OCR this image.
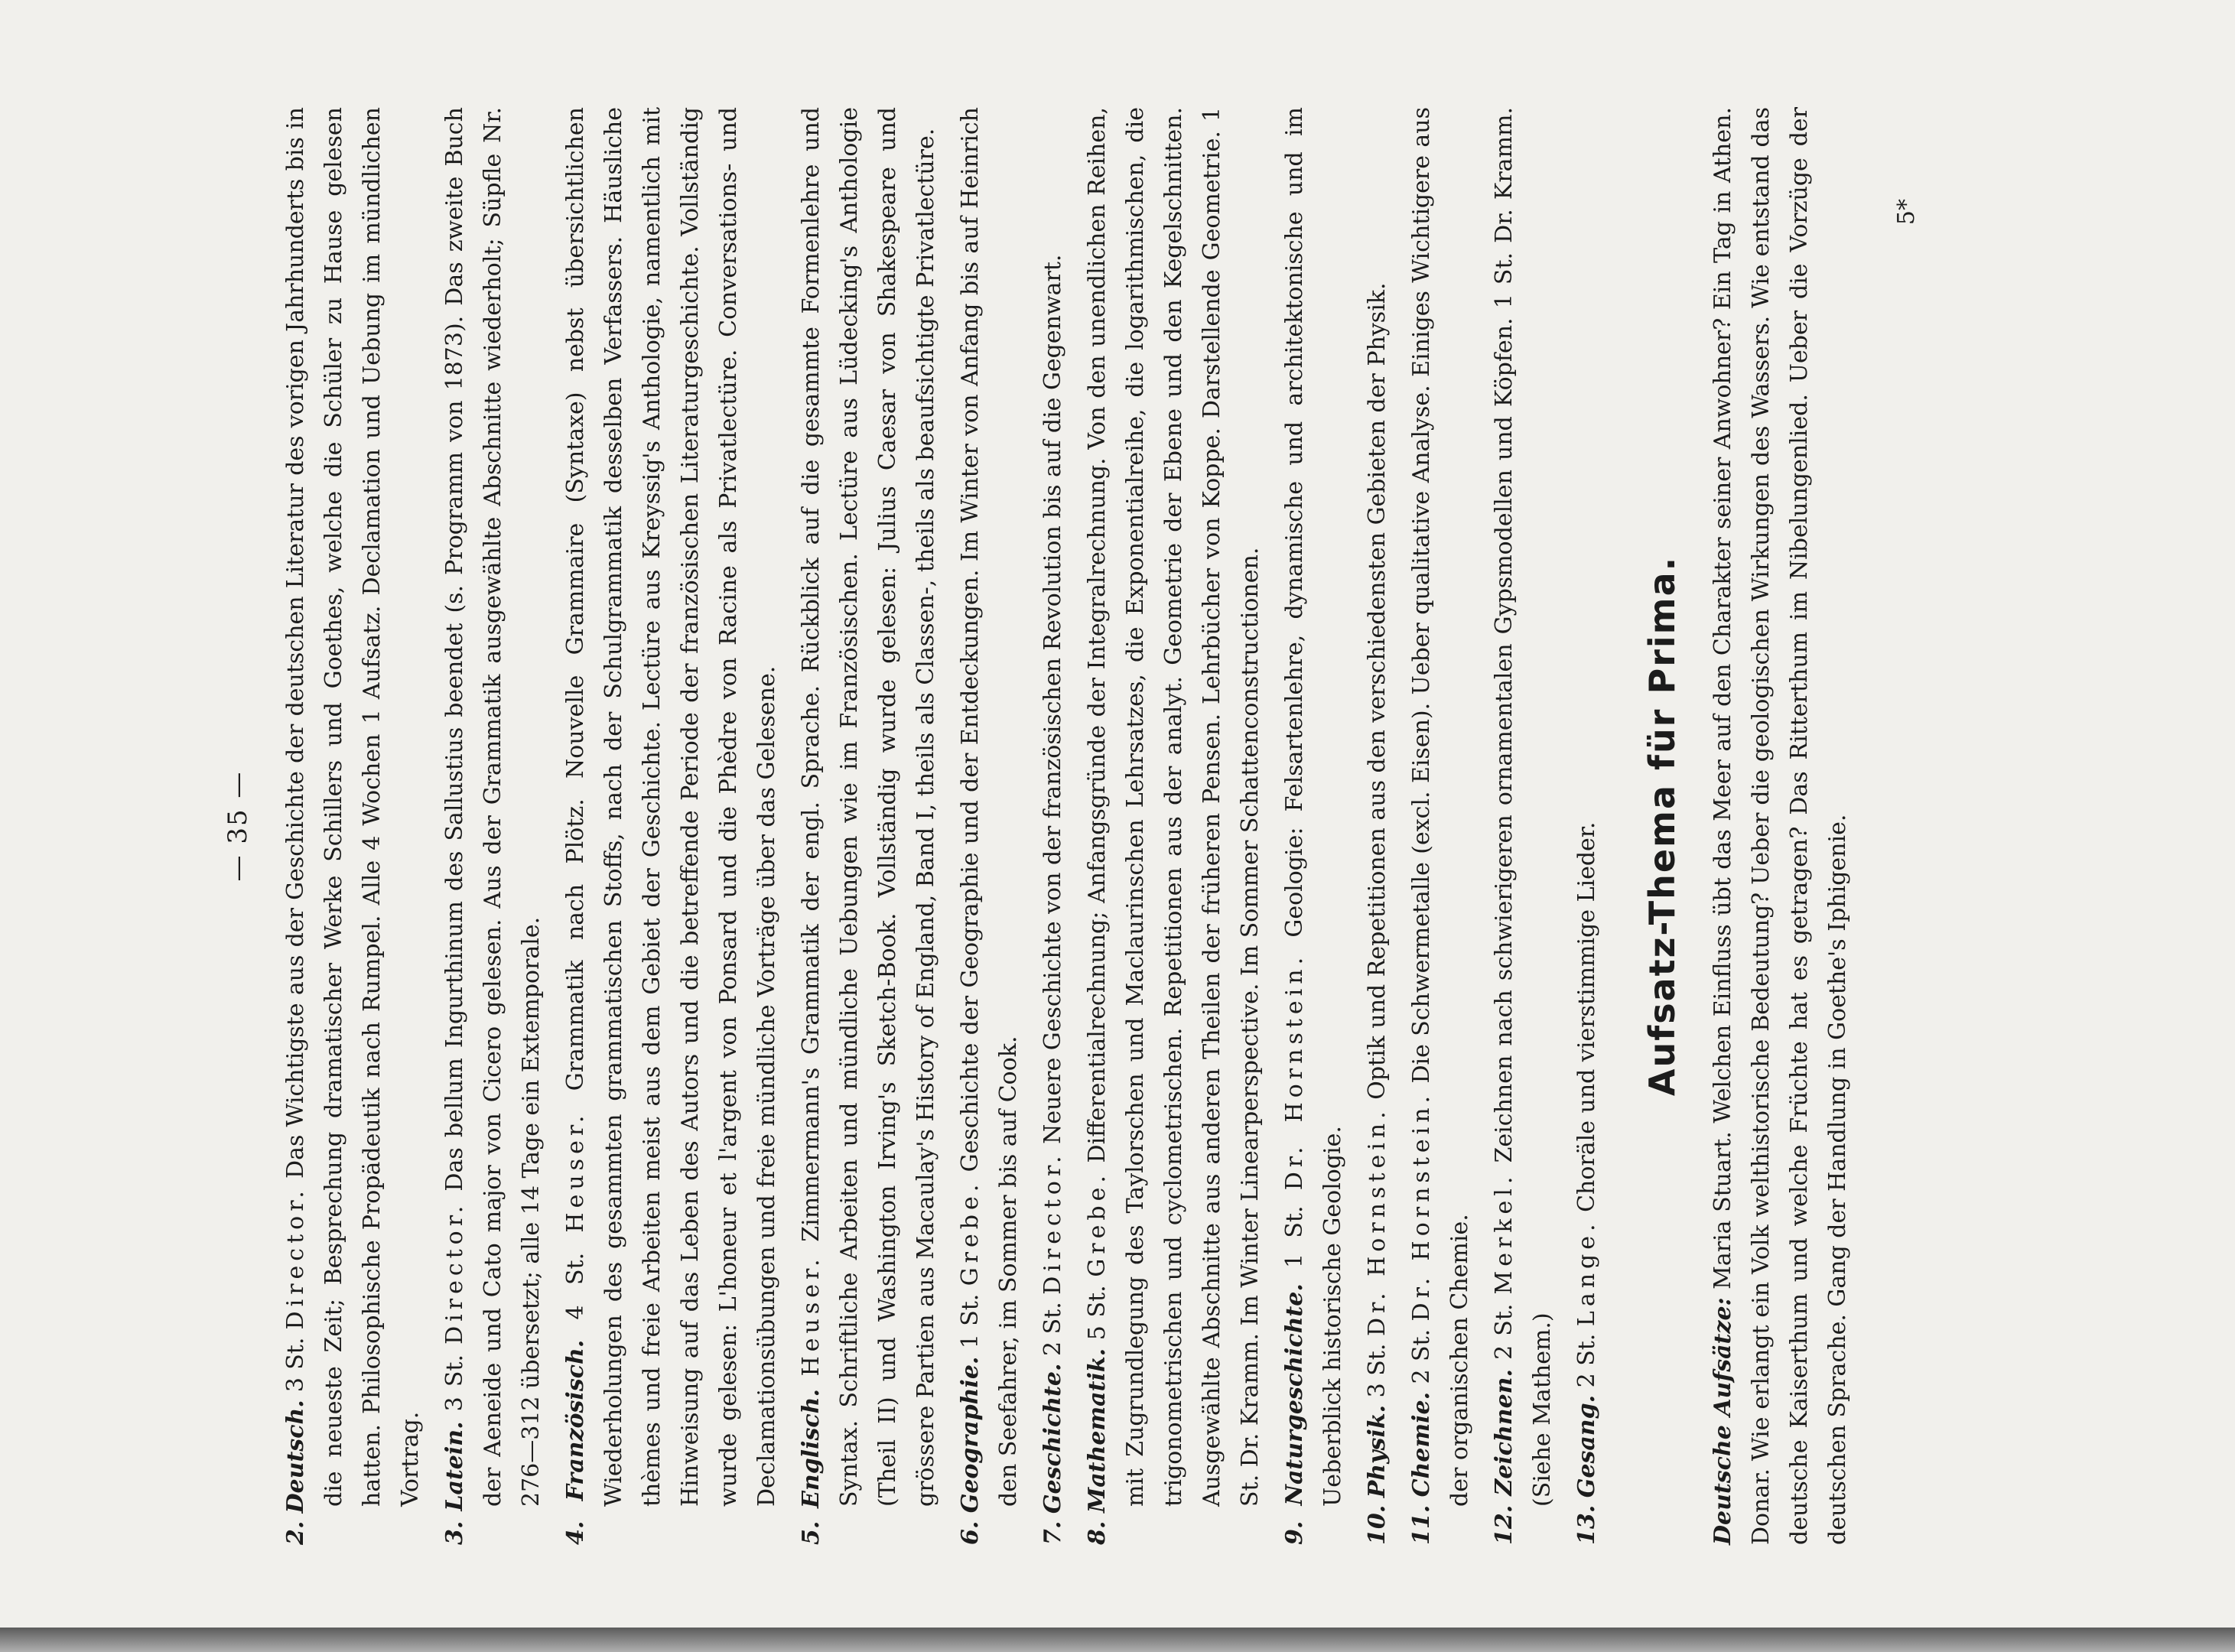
— 35 —

2. Deutsch. 3 St. Director. Das Wichtigste aus der Geschichte der deutschen Literatur des vorigen Jahrhunderts bis in die neueste Zeit; Besprechung dramatischer Werke Schillers und Goethes, welche die Schüler zu Hause gelesen hatten. Philosophische Propädeutik nach Rumpel. Alle 4 Wochen 1 Aufsatz. Declamation und Uebung im mündlichen Vortrag.

3. Latein. 3 St. Director. Das bellum Ingurthinum des Sallustius beendet (s. Programm von 1873). Das zweite Buch der Aeneide und Cato major von Cicero gelesen. Aus der Grammatik ausgewählte Abschnitte wiederholt; Süpfle Nr. 276—312 übersetzt; alle 14 Tage ein Extemporale.

4. Französisch. 4 St. Heuser. Grammatik nach Plötz. Nouvelle Grammaire (Syntaxe) nebst übersichtlichen Wiederholungen des gesammten grammatischen Stoffs, nach der Schulgrammatik desselben Verfassers. Häusliche thèmes und freie Arbeiten meist aus dem Gebiet der Geschichte. Lectüre aus Kreyssig's Anthologie, namentlich mit Hinweisung auf das Leben des Autors und die betreffende Periode der französischen Literaturgeschichte. Vollständig wurde gelesen: L'honeur et l'argent von Ponsard und die Phèdre von Racine als Privatlectüre. Conversations- und Declamationsübungen und freie mündliche Vorträge über das Gelesene.

5. Englisch. Heuser. Zimmermann's Grammatik der engl. Sprache. Rückblick auf die gesammte Formenlehre und Syntax. Schriftliche Arbeiten und mündliche Uebungen wie im Französischen. Lectüre aus Lüdecking's Anthologie (Theil II) und Washington Irving's Sketch-Book. Vollständig wurde gelesen: Julius Caesar von Shakespeare und grössere Partien aus Macaulay's History of England, Band I, theils als Classen-, theils als beaufsichtigte Privatlectüre.

6. Geographie. 1 St. Grebe. Geschichte der Geographie und der Entdeckungen. Im Winter von Anfang bis auf Heinrich den Seefahrer, im Sommer bis auf Cook.

7. Geschichte. 2 St. Director. Neuere Geschichte von der französischen Revolution bis auf die Gegenwart.

8. Mathematik. 5 St. Grebe. Differentialrechnung; Anfangsgründe der Integralrechnung. Von den unendlichen Reihen, mit Zugrundlegung des Taylorschen und Maclaurinschen Lehrsatzes, die Exponentialreihe, die logarithmischen, die trigonometrischen und cyclometrischen. Repetitionen aus der analyt. Geometrie der Ebene und den Kegelschnitten. Ausgewählte Abschnitte aus anderen Theilen der früheren Pensen. Lehrbücher von Koppe. Darstellende Geometrie. 1 St. Dr. Kramm. Im Winter Linearperspective. Im Sommer Schattenconstructionen.

9. Naturgeschichte. 1 St. Dr. Hornstein. Geologie: Felsartenlehre, dynamische und architektonische und im Ueberblick historische Geologie.

10. Physik. 3 St. Dr. Hornstein. Optik und Repetitionen aus den verschiedensten Gebieten der Physik.

11. Chemie. 2 St. Dr. Hornstein. Die Schwermetalle (excl. Eisen). Ueber qualitative Analyse. Einiges Wichtigere aus der organischen Chemie.

12. Zeichnen. 2 St. Merkel. Zeichnen nach schwierigeren ornamentalen Gypsmodellen und Köpfen. 1 St. Dr. Kramm. (Siehe Mathem.)

13. Gesang. 2 St. Lange. Choräle und vierstimmige Lieder. Aufsatz-Thema für Prima.

Deutsche Aufsätze: Maria Stuart. Welchen Einfluss übt das Meer auf den Charakter seiner Anwohner? Ein Tag in Athen. Donar. Wie erlangt ein Volk welthistorische Bedeutung? Ueber die geologischen Wirkungen des Wassers. Wie entstand das deutsche Kaiserthum und welche Früchte hat es getragen? Das Ritterthum im Nibelungenlied. Ueber die Vorzüge der deutschen Sprache. Gang der Handlung in Goethe's Iphigenie.

5*
